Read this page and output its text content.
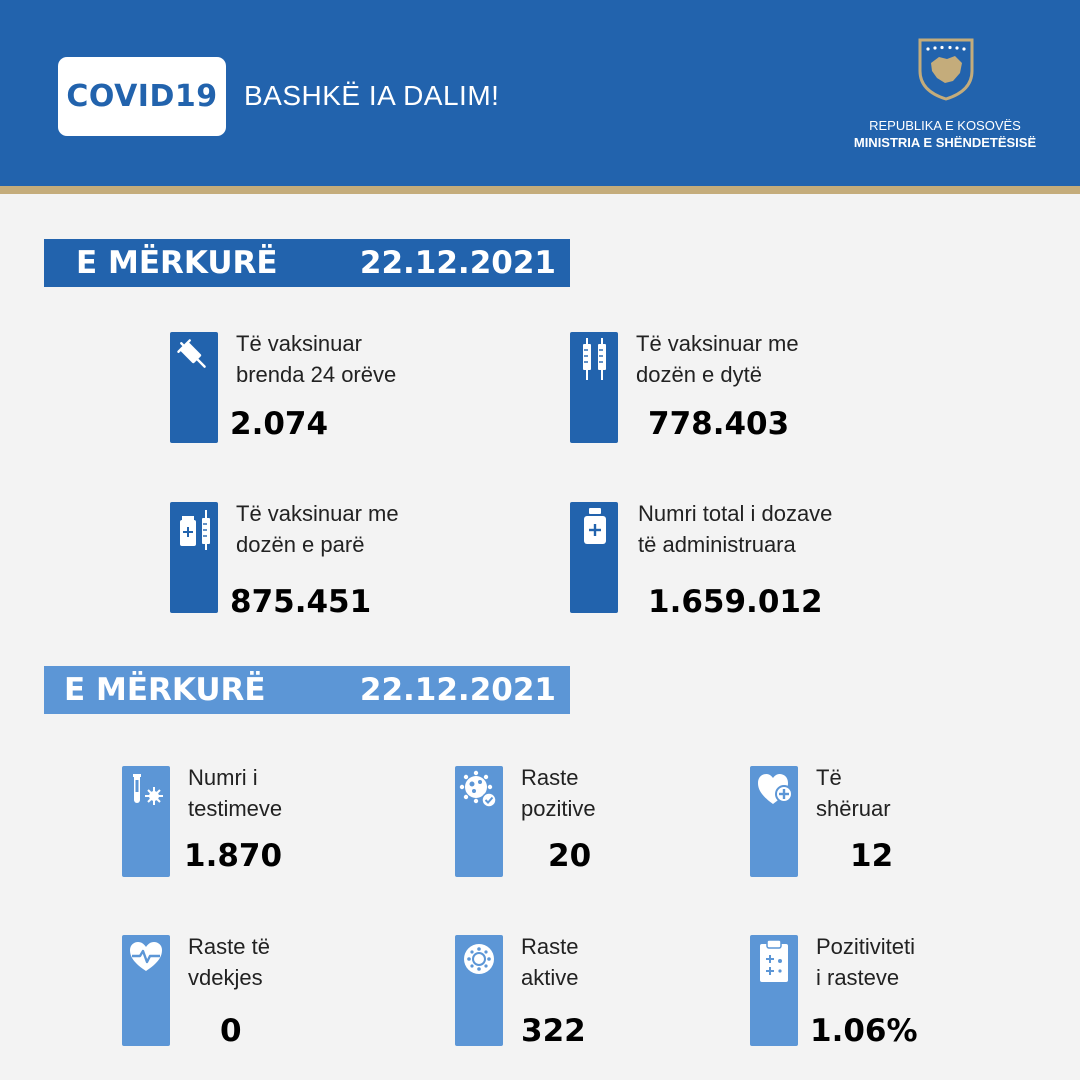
COVID19 BASHKË IA DALIM!
REPUBLIKA E KOSOVËS
MINISTRIA E SHËNDETËSISË
E MËRKURË	22.12.2021
Të vaksinuar
brenda 24 orëve
2.074
Të vaksinuar me
dozën e dytë
778.403
Të vaksinuar me
dozën e parë
875.451
Numri total i dozave
të administruara
1.659.012
E MËRKURË	22.12.2021
Numri i
testimeve
1.870
Raste
pozitive
20
Të
shëruar
12
Raste të
vdekjes
0
Raste
aktive
322
Pozitiviteti
i rasteve
1.06%
